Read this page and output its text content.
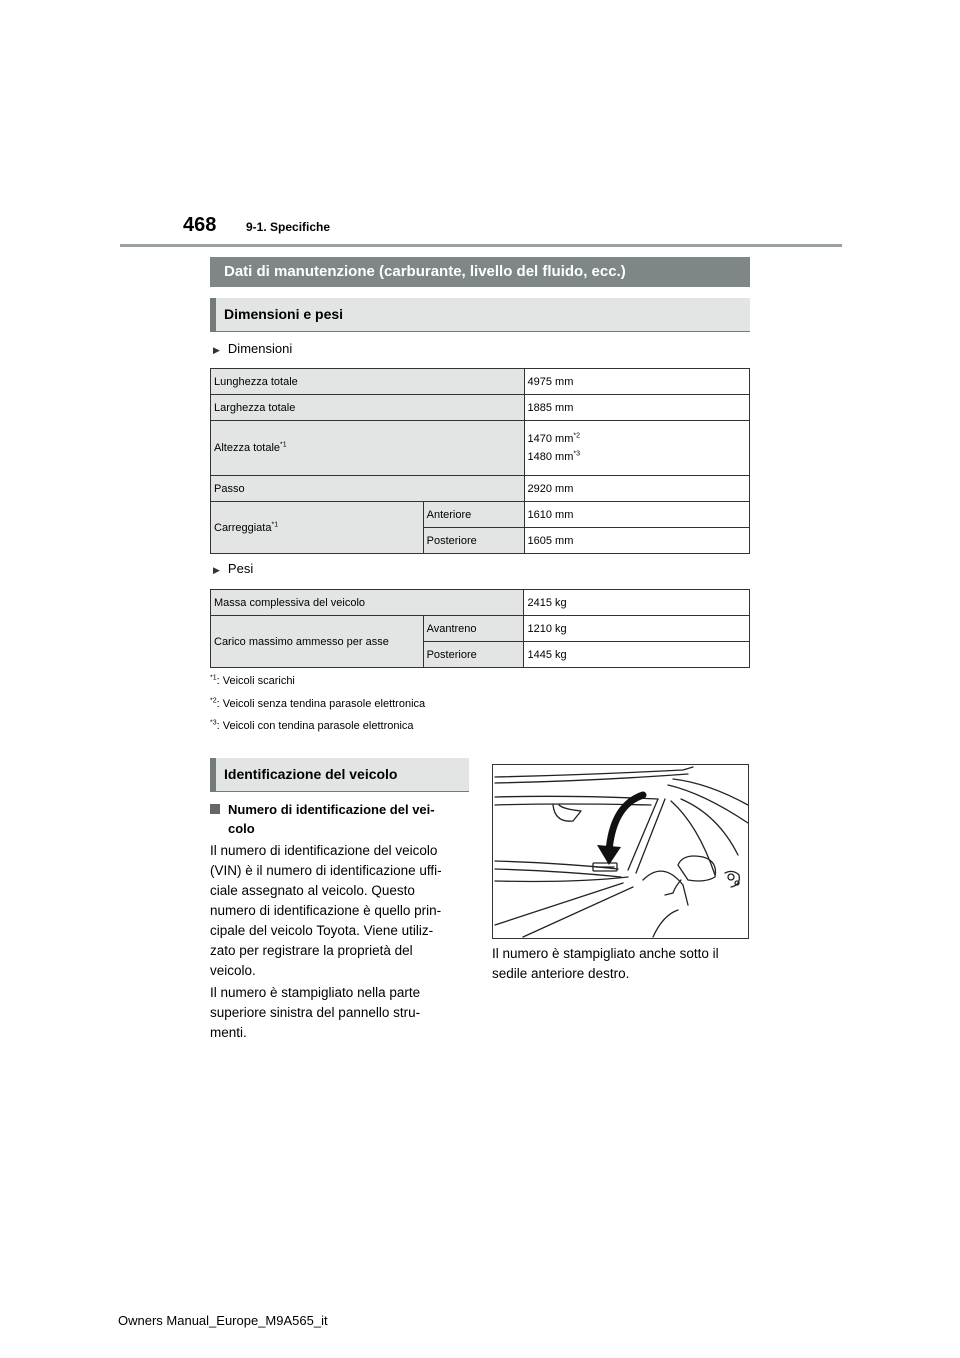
468 9-1. Specifiche
Dati di manutenzione (carburante, livello del fluido, ecc.)
Dimensioni e pesi
▶ Dimensioni
Lunghezza totale		4975 mm
Larghezza totale		1885 mm
Altezza totale$^{*1}$		1470 $mm^{*2}$
1480 $mm^{*3}$

Passo		2920 mm
Carreggiata$^{*1}$	Anteriore	1610 mm
	Posteriore	1605 mm
▶ Pesi
Massa complessiva del veicolo		2415 kg
Carico massimo ammesso per asse	Avantreno	1210 kg
	Posteriore	1445 kg
$^{*1}$: Veicoli scarichi
$^{*2}$: Veicoli senza tendina parasole elettronica
$^{*3}$: Veicoli con tendina parasole elettronica
Identificazione del veicolo
Numero di identificazione del vei-
colo
Il numero di identificazione del veicolo
(VIN) è il numero di identificazione uffi-
ciale assegnato al veicolo. Questo
numero di identificazione è quello prin-
cipale del veicolo Toyota. Viene utiliz-
zato per registrare la proprietà del
veicolo.
Il numero è stampigliato nella parte
superiore sinistra del pannello stru-
menti.
Il numero è stampigliato anche sotto il
sedile anteriore destro.
Owners Manual_Europe_M9A565_it
